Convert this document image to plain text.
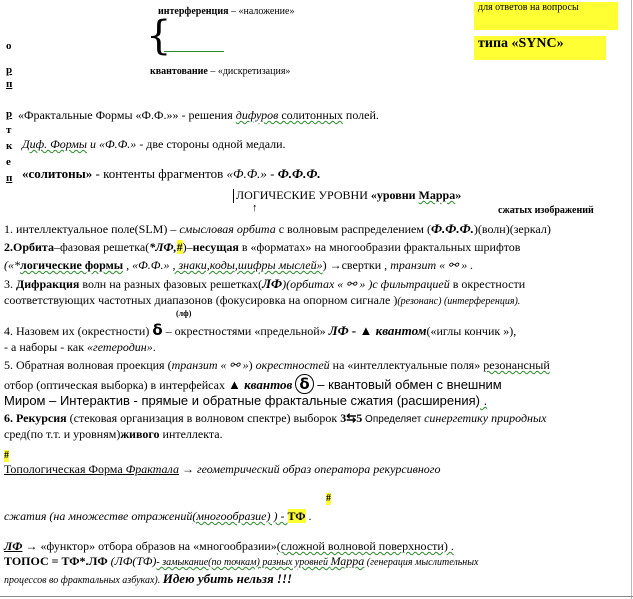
о
р
п
р
т
к
е
п
интерференция – «наложение»	для ответов на вопросы
{	типа «SYNC»
квантование – «дискретизация»
«Фрактальные Формы «Ф.Ф.»» - решения дифуров солитонных полей.
Диф. Формы и «Ф.Ф.» - две стороны одной медали.
«солитоны» - контенты фрагментов «Ф.Ф.» - Ф.Ф.Ф.
ЛОГИЧЕСКИЕ УРОВНИ «уровни Марра»
↑	сжатых изображений
1. интеллектуальное поле(SLM) – смысловая орбита с волновым распределением (Ф.Ф.Ф.)(волн)(зеркал)
2.Орбита–фазовая решетка(*ЛФ,#)–несущая в «форматах» на многообразии фрактальных шрифтов
(«*логические формы , «Ф.Ф.» , знаки,коды,шифры мыслей») →свертки , транзит « ⚯ » .
3. Дифракция волн на разных фазовых решетках(ЛФ)(орбитах « ⚯ » )с фильтрацией в окрестности
соответствующих частотных диапазонов (фокусировка на опорном сигнале )(резонанс) (интерференция).
(лф)
4. Назовем их (окрестности) δ – окрестностями «предельной» ЛФ - ▲ квантом(«иглы кончик »),
- а наборы - как «гетеродин».
5. Обратная волновая проекция (транзит « ⚯ ») окрестностей на «интеллектуальные поля» резонансный
отбор (оптическая выборка) в интерфейсах ▲ квантов δ – квантовый обмен с внешним
Миром – Интерактив - прямые и обратные фрактальные сжатия (расширения) .
6. Рекурсия (стековая организация в волновом спектре) выборок 3⇆5 Определяет синергетику природных
сред(по т.т. и уровням)живого интеллекта.
#
Топологическая Форма Фрактала → геометрический образ оператора рекурсивного
#
сжатия (на множестве отражений(многообразие) ) - ТФ .
ЛФ → «функтор» отбора образов на «многообразии»(сложной волновой поверхности) .
ТОПОС = ТФ*.ЛФ (ЛФ(ТФ)- замыкание(по точкам) разных уровней Марра (генерация мыслительных
процессов во фрактальных азбуках). Идею убить нельзя !!!
